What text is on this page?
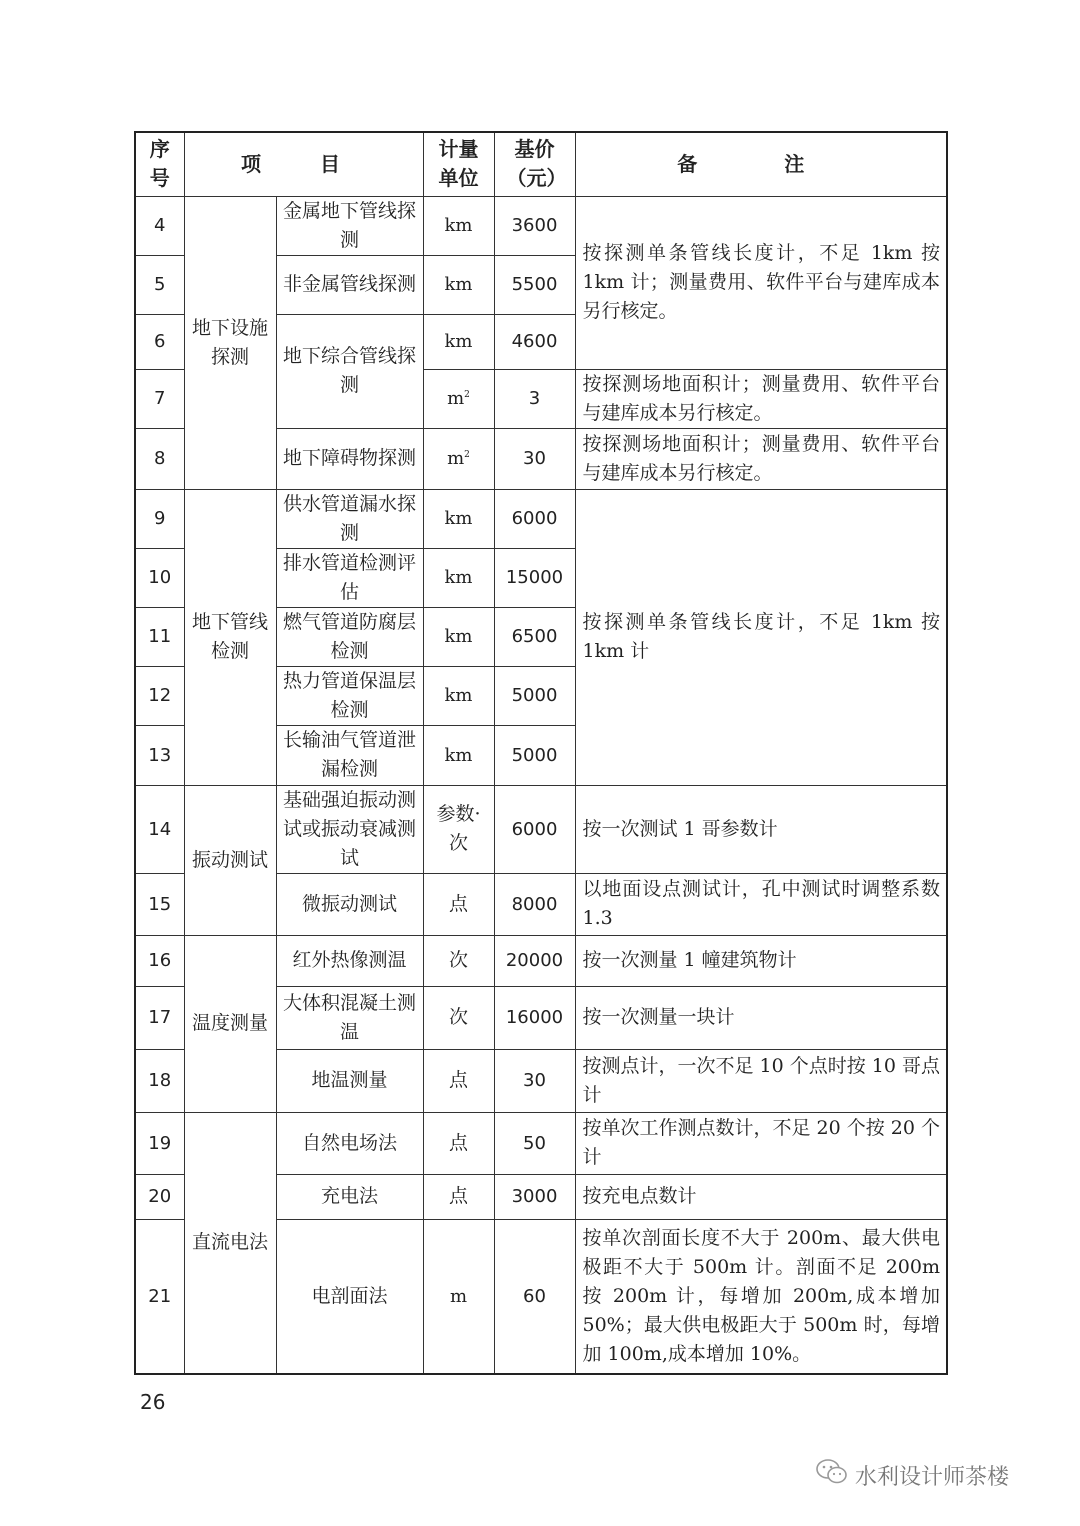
序号	项 目		计量单位	基价（元）	备 注
4	地下设施探测	金属地下管线探测	km	3600	按探测单条管线长度计，不足 1km 按 1km 计；测量费用、软件平台与建库成本另行核定。
5		非金属管线探测	km	5500	
6		地下综合管线探测	km	4600	
7			$m^2$	3	按探测场地面积计；测量费用、软件平台与建库成本另行核定。
8		地下障碍物探测	$m^2$	30	按探测场地面积计；测量费用、软件平台与建库成本另行核定。
9	地下管线检测	供水管道漏水探测	km	6000	按探测单条管线长度计，不足 1km 按 1km 计
10		排水管道检测评估	km	15000	
11		燃气管道防腐层检测	km	6500	
12		热力管道保温层检测	km	5000	
13		长输油气管道泄漏检测	km	5000	
14	振动测试	基础强迫振动测试或振动衰减测试	参数·次	6000	按一次测试 1 哥参数计
15		微振动测试	点	8000	以地面设点测试计，孔中测试时调整系数 1.3
16	温度测量	红外热像测温	次	20000	按一次测量 1 幢建筑物计
17		大体积混凝土测温	次	16000	按一次测量一块计
18		地温测量	点	30	按测点计，一次不足 10 个点时按 10 哥点计
19	直流电法	自然电场法	点	50	按单次工作测点数计，不足 20 个按 20 个计
20		充电法	点	3000	按充电点数计
21		电剖面法	m	60	按单次剖面长度不大于 200m、最大供电极距不大于 500m 计。剖面不足 200m 按 200m 计，每增加 200m,成本增加 50%；最大供电极距大于 500m 时，每增加 100m,成本增加 10%。
26
水利设计师茶楼
